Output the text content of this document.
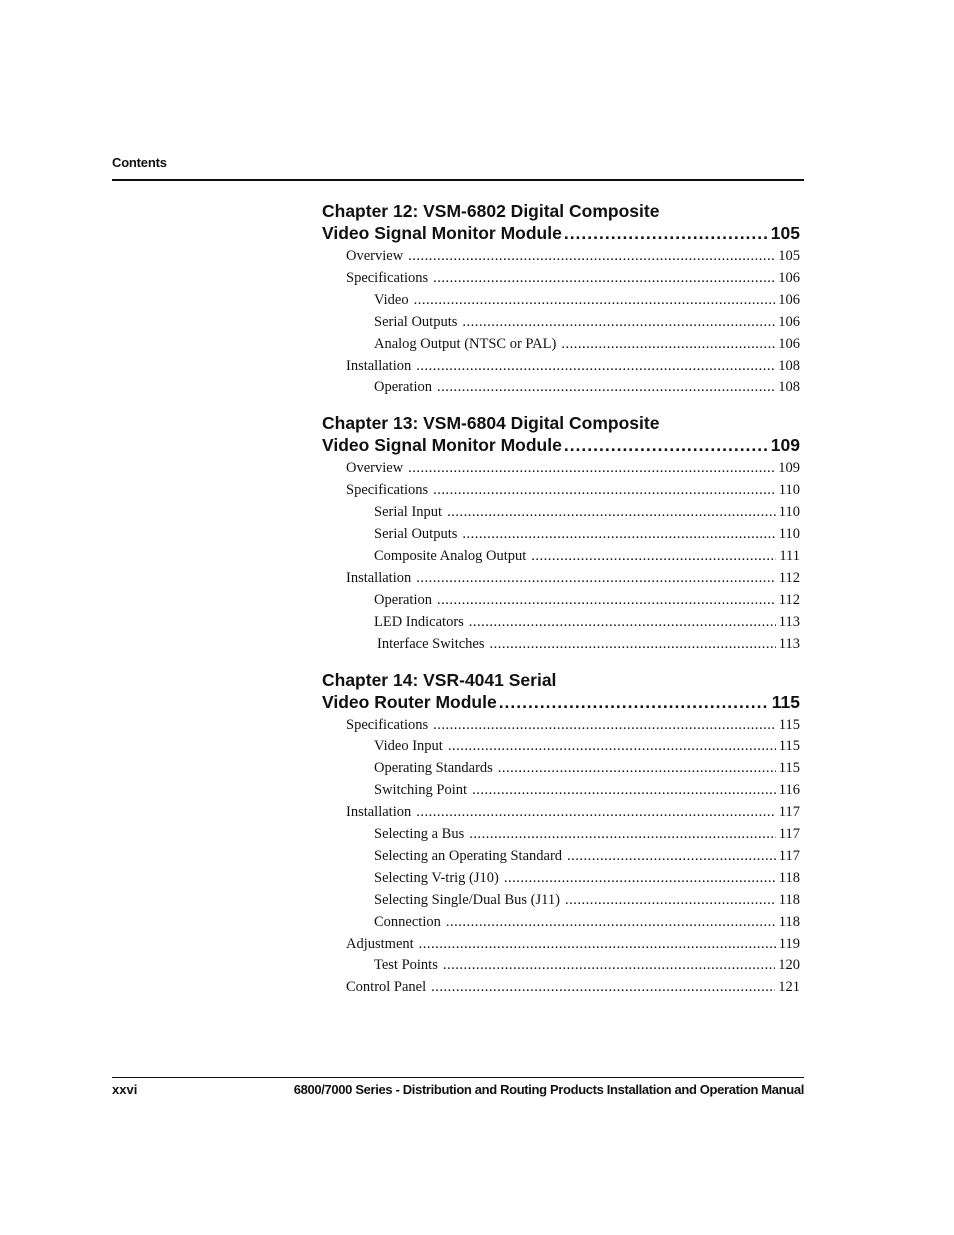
Contents
Chapter 12: VSM-6802 Digital Composite
Video Signal Monitor Module .....	105
Overview .....	105
Specifications .....	106
Video .....	106
Serial Outputs .....	106
Analog Output (NTSC or PAL) .....	106
Installation .....	108
Operation .....	108
Chapter 13: VSM-6804 Digital Composite
Video Signal Monitor Module .....	109
Overview .....	109
Specifications .....	110
Serial Input .....	110
Serial Outputs .....	110
Composite Analog Output .....	111
Installation .....	112
Operation .....	112
LED Indicators .....	113
Interface Switches .....	113
Chapter 14: VSR-4041 Serial
Video Router Module .....	115
Specifications .....	115
Video Input .....	115
Operating Standards .....	115
Switching Point .....	116
Installation .....	117
Selecting a Bus .....	117
Selecting an Operating Standard .....	117
Selecting V-trig (J10) .....	118
Selecting Single/Dual Bus (J11) .....	118
Connection .....	118
Adjustment .....	119
Test Points .....	120
Control Panel .....	121
xxvi	6800/7000 Series - Distribution and Routing Products Installation and Operation Manual
